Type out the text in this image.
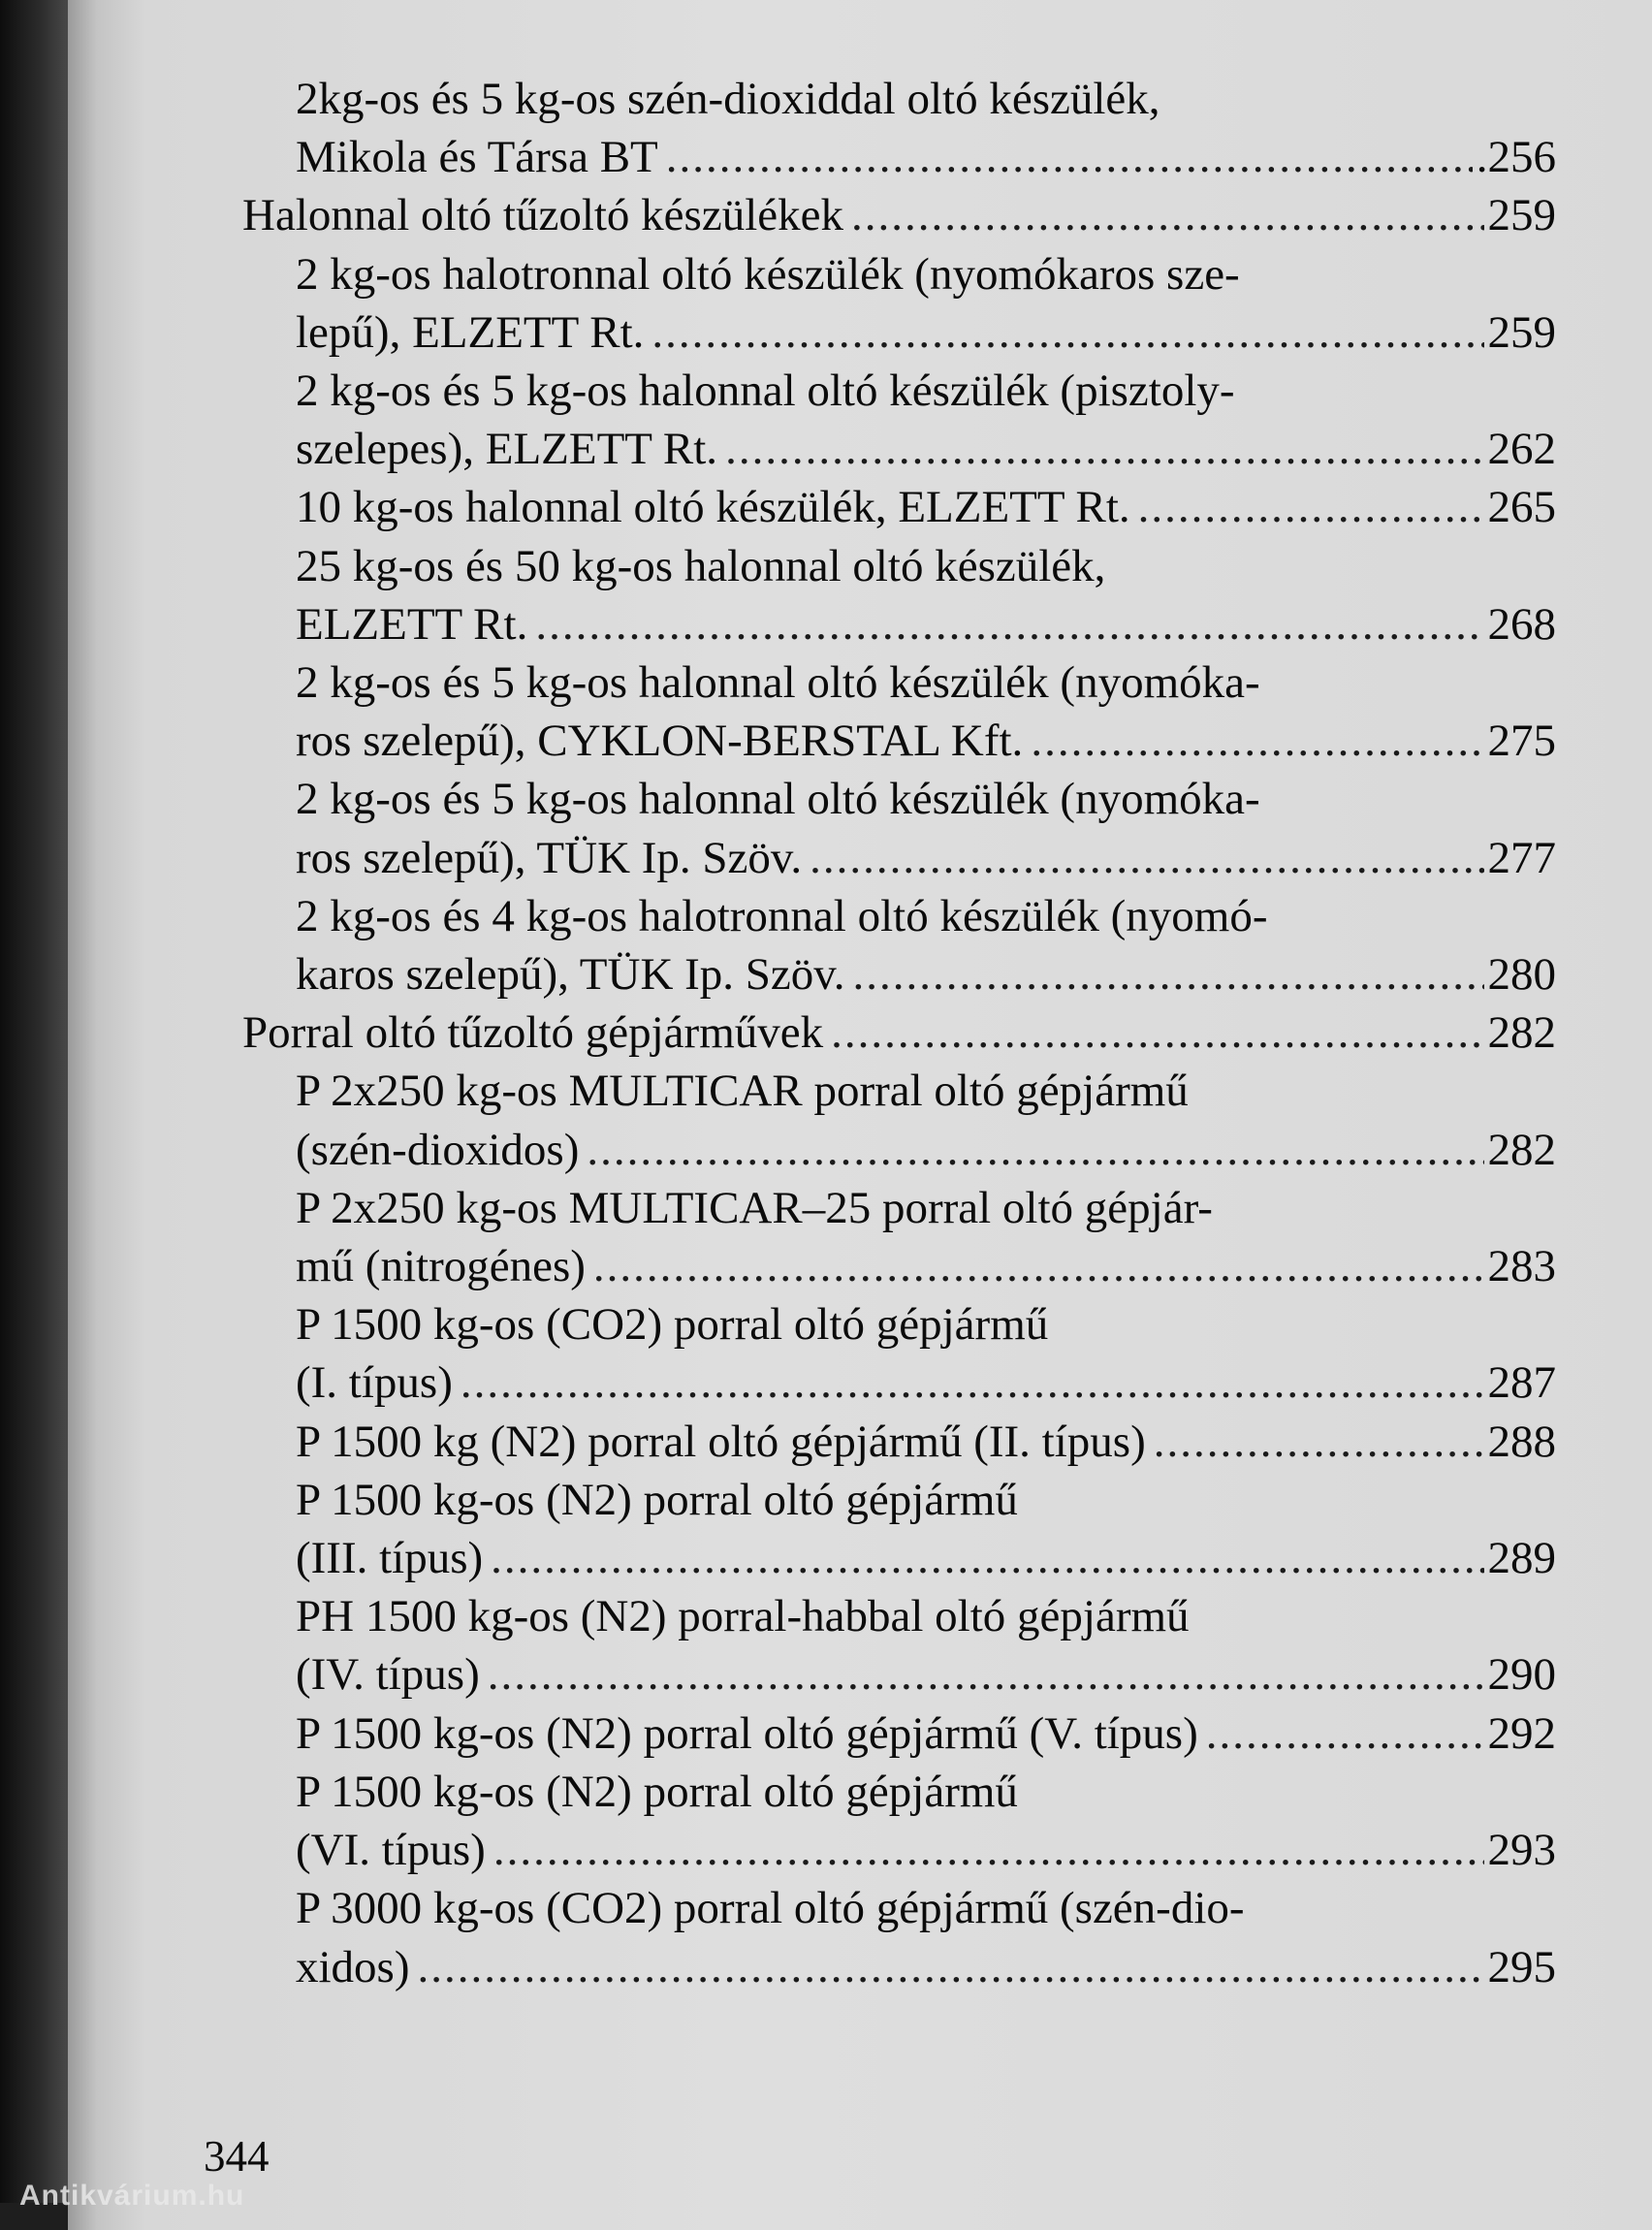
2kg-os és 5 kg-os szén-dioxiddal oltó készülék,
Mikola és Társa BT .....	.256
Halonnal oltó tűzoltó készülékek .....	259
2 kg-os halotronnal oltó készülék (nyomókaros sze-
lepű), ELZETT Rt. .....	259
2 kg-os és 5 kg-os halonnal oltó készülék (pisztoly-
szelepes), ELZETT Rt. .....	262
10 kg-os halonnal oltó készülék, ELZETT Rt. .....	265
25 kg-os és 50 kg-os halonnal oltó készülék,
ELZETT Rt. .....	268
2 kg-os és 5 kg-os halonnal oltó készülék (nyomóka-
ros szelepű), CYKLON-BERSTAL Kft. .....	275
2 kg-os és 5 kg-os halonnal oltó készülék (nyomóka-
ros szelepű), TÜK Ip. Szöv. .....	277
2 kg-os és 4 kg-os halotronnal oltó készülék (nyomó-
karos szelepű), TÜK Ip. Szöv. .....	280
Porral oltó tűzoltó gépjárművek .....	282
P 2x250 kg-os MULTICAR porral oltó gépjármű
(szén-dioxidos) .....	282
P 2x250 kg-os MULTICAR–25 porral oltó gépjár-
mű (nitrogénes) .....	283
P 1500 kg-os (CO2) porral oltó gépjármű
(I. típus) .....	287
P 1500 kg (N2) porral oltó gépjármű (II. típus) .....	288
P 1500 kg-os (N2) porral oltó gépjármű
(III. típus) .....	289
PH 1500 kg-os (N2) porral-habbal oltó gépjármű
(IV. típus) .....	290
P 1500 kg-os (N2) porral oltó gépjármű (V. típus) .....	292
P 1500 kg-os (N2) porral oltó gépjármű
(VI. típus) .....	293
P 3000 kg-os (CO2) porral oltó gépjármű (szén-dio-
xidos) .....	295
344
Antikvárium.hu
